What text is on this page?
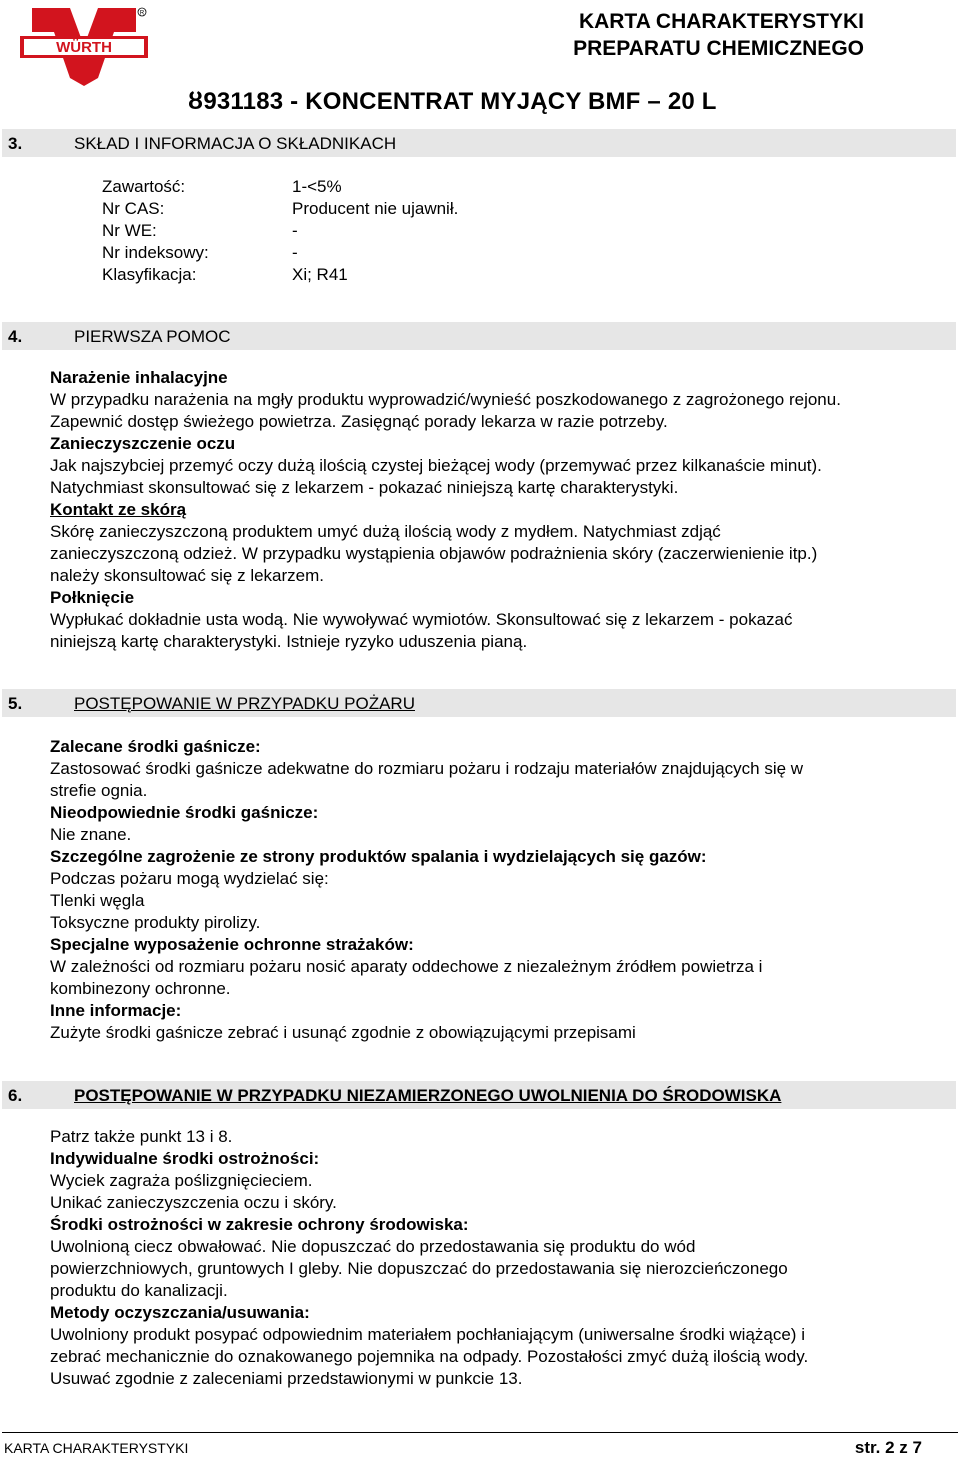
WÜRTH
R	KARTA CHARAKTERYSTYKI
PREPARATU CHEMICZNEGO
ȣ931183 - KONCENTRAT MYJĄCY BMF – 20 L
3.	SKŁAD I INFORMACJA O SKŁADNIKACH
Zawartość:	1-<5%
Nr CAS:	Producent nie ujawnił.
Nr WE:	-
Nr indeksowy:	-
Klasyfikacja:	Xi; R41
4.	PIERWSZA POMOC

Narażenie inhalacyjne

W przypadku narażenia na mgły produktu wyprowadzić/wynieść poszkodowanego z zagrożonego rejonu.

Zapewnić dostęp świeżego powietrza. Zasięgnąć porady lekarza w razie potrzeby.

Zanieczyszczenie oczu

Jak najszybciej przemyć oczy dużą ilością czystej bieżącej wody (przemywać przez kilkanaście minut).

Natychmiast skonsultować się z lekarzem - pokazać niniejszą kartę charakterystyki.

Kontakt ze skórą

Skórę zanieczyszczoną produktem umyć dużą ilością wody z mydłem. Natychmiast zdjąć

zanieczyszczoną odzież. W przypadku wystąpienia objawów podrażnienia skóry (zaczerwienienie itp.)

należy skonsultować się z lekarzem.

Połknięcie

Wypłukać dokładnie usta wodą. Nie wywoływać wymiotów. Skonsultować się z lekarzem - pokazać

niniejszą kartę charakterystyki. Istnieje ryzyko uduszenia pianą.

5.	POSTĘPOWANIE W PRZYPADKU POŻARU

Zalecane środki gaśnicze:

Zastosować środki gaśnicze adekwatne do rozmiaru pożaru i rodzaju materiałów znajdujących się w

strefie ognia.

Nieodpowiednie środki gaśnicze:

Nie znane.

Szczególne zagrożenie ze strony produktów spalania i wydzielających się gazów:

Podczas pożaru mogą wydzielać się:

Tlenki węgla

Toksyczne produkty pirolizy.

Specjalne wyposażenie ochronne strażaków:

W zależności od rozmiaru pożaru nosić aparaty oddechowe z niezależnym źródłem powietrza i

kombinezony ochronne.

Inne informacje:

Zużyte środki gaśnicze zebrać i usunąć zgodnie z obowiązującymi przepisami

6.	POSTĘPOWANIE W PRZYPADKU NIEZAMIERZONEGO UWOLNIENIA DO ŚRODOWISKA

Patrz także punkt 13 i 8.

Indywidualne środki ostrożności:

Wyciek zagraża poślizgnięcieciem.

Unikać zanieczyszczenia oczu i skóry.

Środki ostrożności w zakresie ochrony środowiska:

Uwolnioną ciecz obwałować. Nie dopuszczać do przedostawania się produktu do wód

powierzchniowych, gruntowych I gleby. Nie dopuszczać do przedostawania się nierozcieńczonego

produktu do kanalizacji.

Metody oczyszczania/usuwania:

Uwolniony produkt posypać odpowiednim materiałem pochłaniającym (uniwersalne środki wiążące) i

zebrać mechanicznie do oznakowanego pojemnika na odpady. Pozostałości zmyć dużą ilością wody.

Usuwać zgodnie z zaleceniami przedstawionymi w punkcie 13.

KARTA CHARAKTERYSTYKI	str. 2 z 7
